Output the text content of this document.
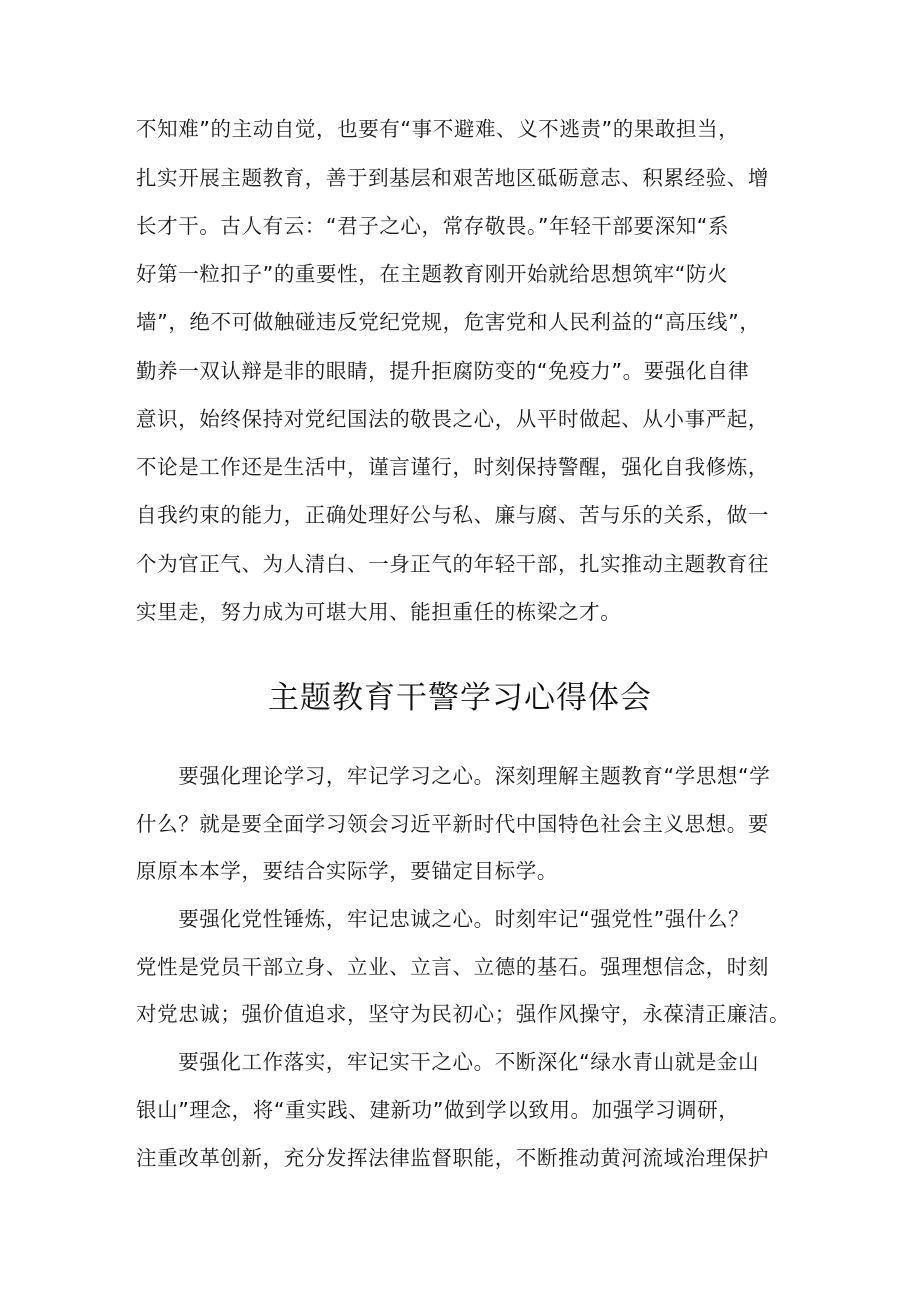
不知难”的主动自觉，也要有“事不避难、义不逃责”的果敢担当，
扎实开展主题教育，善于到基层和艰苦地区砥砺意志、积累经验、增
长才干。古人有云：“君子之心，常存敬畏。”年轻干部要深知“系
好第一粒扣子”的重要性，在主题教育刚开始就给思想筑牢“防火
墙”，绝不可做触碰违反党纪党规，危害党和人民利益的“高压线”，
勤养一双认辩是非的眼睛，提升拒腐防变的“免疫力”。要强化自律
意识，始终保持对党纪国法的敬畏之心，从平时做起、从小事严起，
不论是工作还是生活中，谨言谨行，时刻保持警醒，强化自我修炼，
自我约束的能力，正确处理好公与私、廉与腐、苦与乐的关系，做一
个为官正气、为人清白、一身正气的年轻干部，扎实推动主题教育往
实里走，努力成为可堪大用、能担重任的栋梁之才。
主题教育干警学习心得体会
　　要强化理论学习，牢记学习之心。深刻理解主题教育“学思想“学
什么？就是要全面学习领会习近平新时代中国特色社会主义思想。要
原原本本学，要结合实际学，要锚定目标学。
　　要强化党性锤炼，牢记忠诚之心。时刻牢记“强党性”强什么？
党性是党员干部立身、立业、立言、立德的基石。强理想信念，时刻
对党忠诚；强价值追求，坚守为民初心；强作风操守，永葆清正廉洁。
　　要强化工作落实，牢记实干之心。不断深化“绿水青山就是金山
银山”理念，将“重实践、建新功”做到学以致用。加强学习调研，
注重改革创新，充分发挥法律监督职能，不断推动黄河流域治理保护
